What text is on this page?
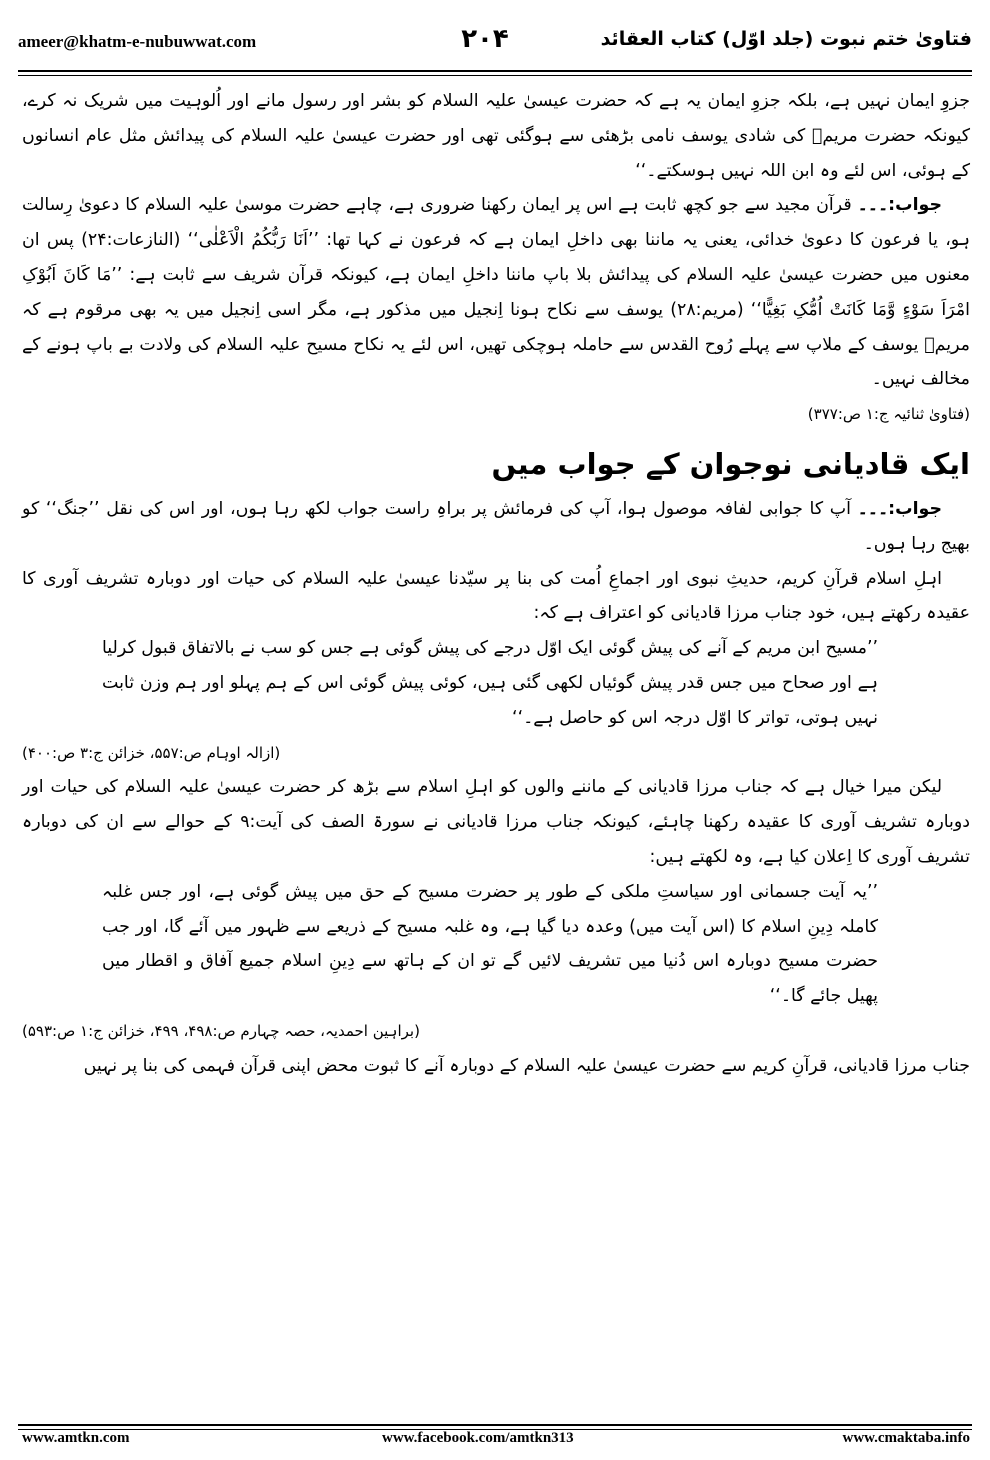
ameer@khatm-e-nubuwwat.com	۲۰۴	فتاویٰ ختم نبوت (جلد اوّل) کتاب العقائد

جزوِ ایمان نہیں ہے، بلکہ جزوِ ایمان یہ ہے کہ حضرت عیسیٰ علیہ السلام کو بشر اور رسول مانے اور اُلوہیت میں شریک نہ کرے، کیونکہ حضرت مریمؓ کی شادی یوسف نامی بڑھئی سے ہوگئی تھی اور حضرت عیسیٰ علیہ السلام کی پیدائش مثل عام انسانوں کے ہوئی، اس لئے وہ ابن اللہ نہیں ہوسکتے۔‘‘

جواب:۔۔۔ قرآن مجید سے جو کچھ ثابت ہے اس پر ایمان رکھنا ضروری ہے، چاہے حضرت موسیٰ علیہ السلام کا دعویٰ رِسالت ہو، یا فرعون کا دعویٰ خدائی، یعنی یہ ماننا بھی داخلِ ایمان ہے کہ فرعون نے کہا تھا: ’’اَنَا رَبُّکُمُ الْاَعْلٰی‘‘ (النازعات:۲۴) پس ان معنوں میں حضرت عیسیٰ علیہ السلام کی پیدائش بلا باپ ماننا داخلِ ایمان ہے، کیونکہ قرآن شریف سے ثابت ہے: ’’مَا کَانَ اَبُوْکِ امْرَاَ سَوْءٍ وَّمَا کَانَتْ اُمُّکِ بَغِیًّا‘‘ (مریم:۲۸) یوسف سے نکاح ہونا اِنجیل میں مذکور ہے، مگر اسی اِنجیل میں یہ بھی مرقوم ہے کہ مریمؓ یوسف کے ملاپ سے پہلے رُوح القدس سے حاملہ ہوچکی تھیں، اس لئے یہ نکاح مسیح علیہ السلام کی ولادت بے باپ ہونے کے مخالف نہیں۔

(فتاویٰ ثنائیہ ج:۱ ص:۳۷۷)

ایک قادیانی نوجوان کے جواب میں

جواب:۔۔۔ آپ کا جوابی لفافہ موصول ہوا، آپ کی فرمائش پر براہِ راست جواب لکھ رہا ہوں، اور اس کی نقل ’’جنگ‘‘ کو بھیج رہا ہوں۔

اہلِ اسلام قرآنِ کریم، حدیثِ نبوی اور اجماعِ اُمت کی بنا پر سیّدنا عیسیٰ علیہ السلام کی حیات اور دوبارہ تشریف آوری کا عقیدہ رکھتے ہیں، خود جناب مرزا قادیانی کو اعتراف ہے کہ:

’’مسیح ابن مریم کے آنے کی پیش گوئی ایک اوّل درجے کی پیش گوئی ہے جس کو سب نے بالاتفاق قبول کرلیا ہے اور صحاح میں جس قدر پیش گوئیاں لکھی گئی ہیں، کوئی پیش گوئی اس کے ہم پہلو اور ہم وزن ثابت نہیں ہوتی، تواتر کا اوّل درجہ اس کو حاصل ہے۔‘‘

(ازالہ اوہام ص:۵۵۷، خزائن ج:۳ ص:۴۰۰)

لیکن میرا خیال ہے کہ جناب مرزا قادیانی کے ماننے والوں کو اہلِ اسلام سے بڑھ کر حضرت عیسیٰ علیہ السلام کی حیات اور دوبارہ تشریف آوری کا عقیدہ رکھنا چاہئے، کیونکہ جناب مرزا قادیانی نے سورۃ الصف کی آیت:۹ کے حوالے سے ان کی دوبارہ تشریف آوری کا اِعلان کیا ہے، وہ لکھتے ہیں:

’’یہ آیت جسمانی اور سیاستِ ملکی کے طور پر حضرت مسیح کے حق میں پیش گوئی ہے، اور جس غلبہ کاملہ دِینِ اسلام کا (اس آیت میں) وعدہ دیا گیا ہے، وہ غلبہ مسیح کے ذریعے سے ظہور میں آئے گا، اور جب حضرت مسیح دوبارہ اس دُنیا میں تشریف لائیں گے تو ان کے ہاتھ سے دِینِ اسلام جمیع آفاق و اقطار میں پھیل جائے گا۔‘‘

(براہین احمدیہ، حصہ چہارم ص:۴۹۸، ۴۹۹، خزائن ج:۱ ص:۵۹۳)

جناب مرزا قادیانی، قرآنِ کریم سے حضرت عیسیٰ علیہ السلام کے دوبارہ آنے کا ثبوت محض اپنی قرآن فہمی کی بنا پر نہیں

www.amtkn.com	www.facebook.com/amtkn313	www.cmaktaba.info
